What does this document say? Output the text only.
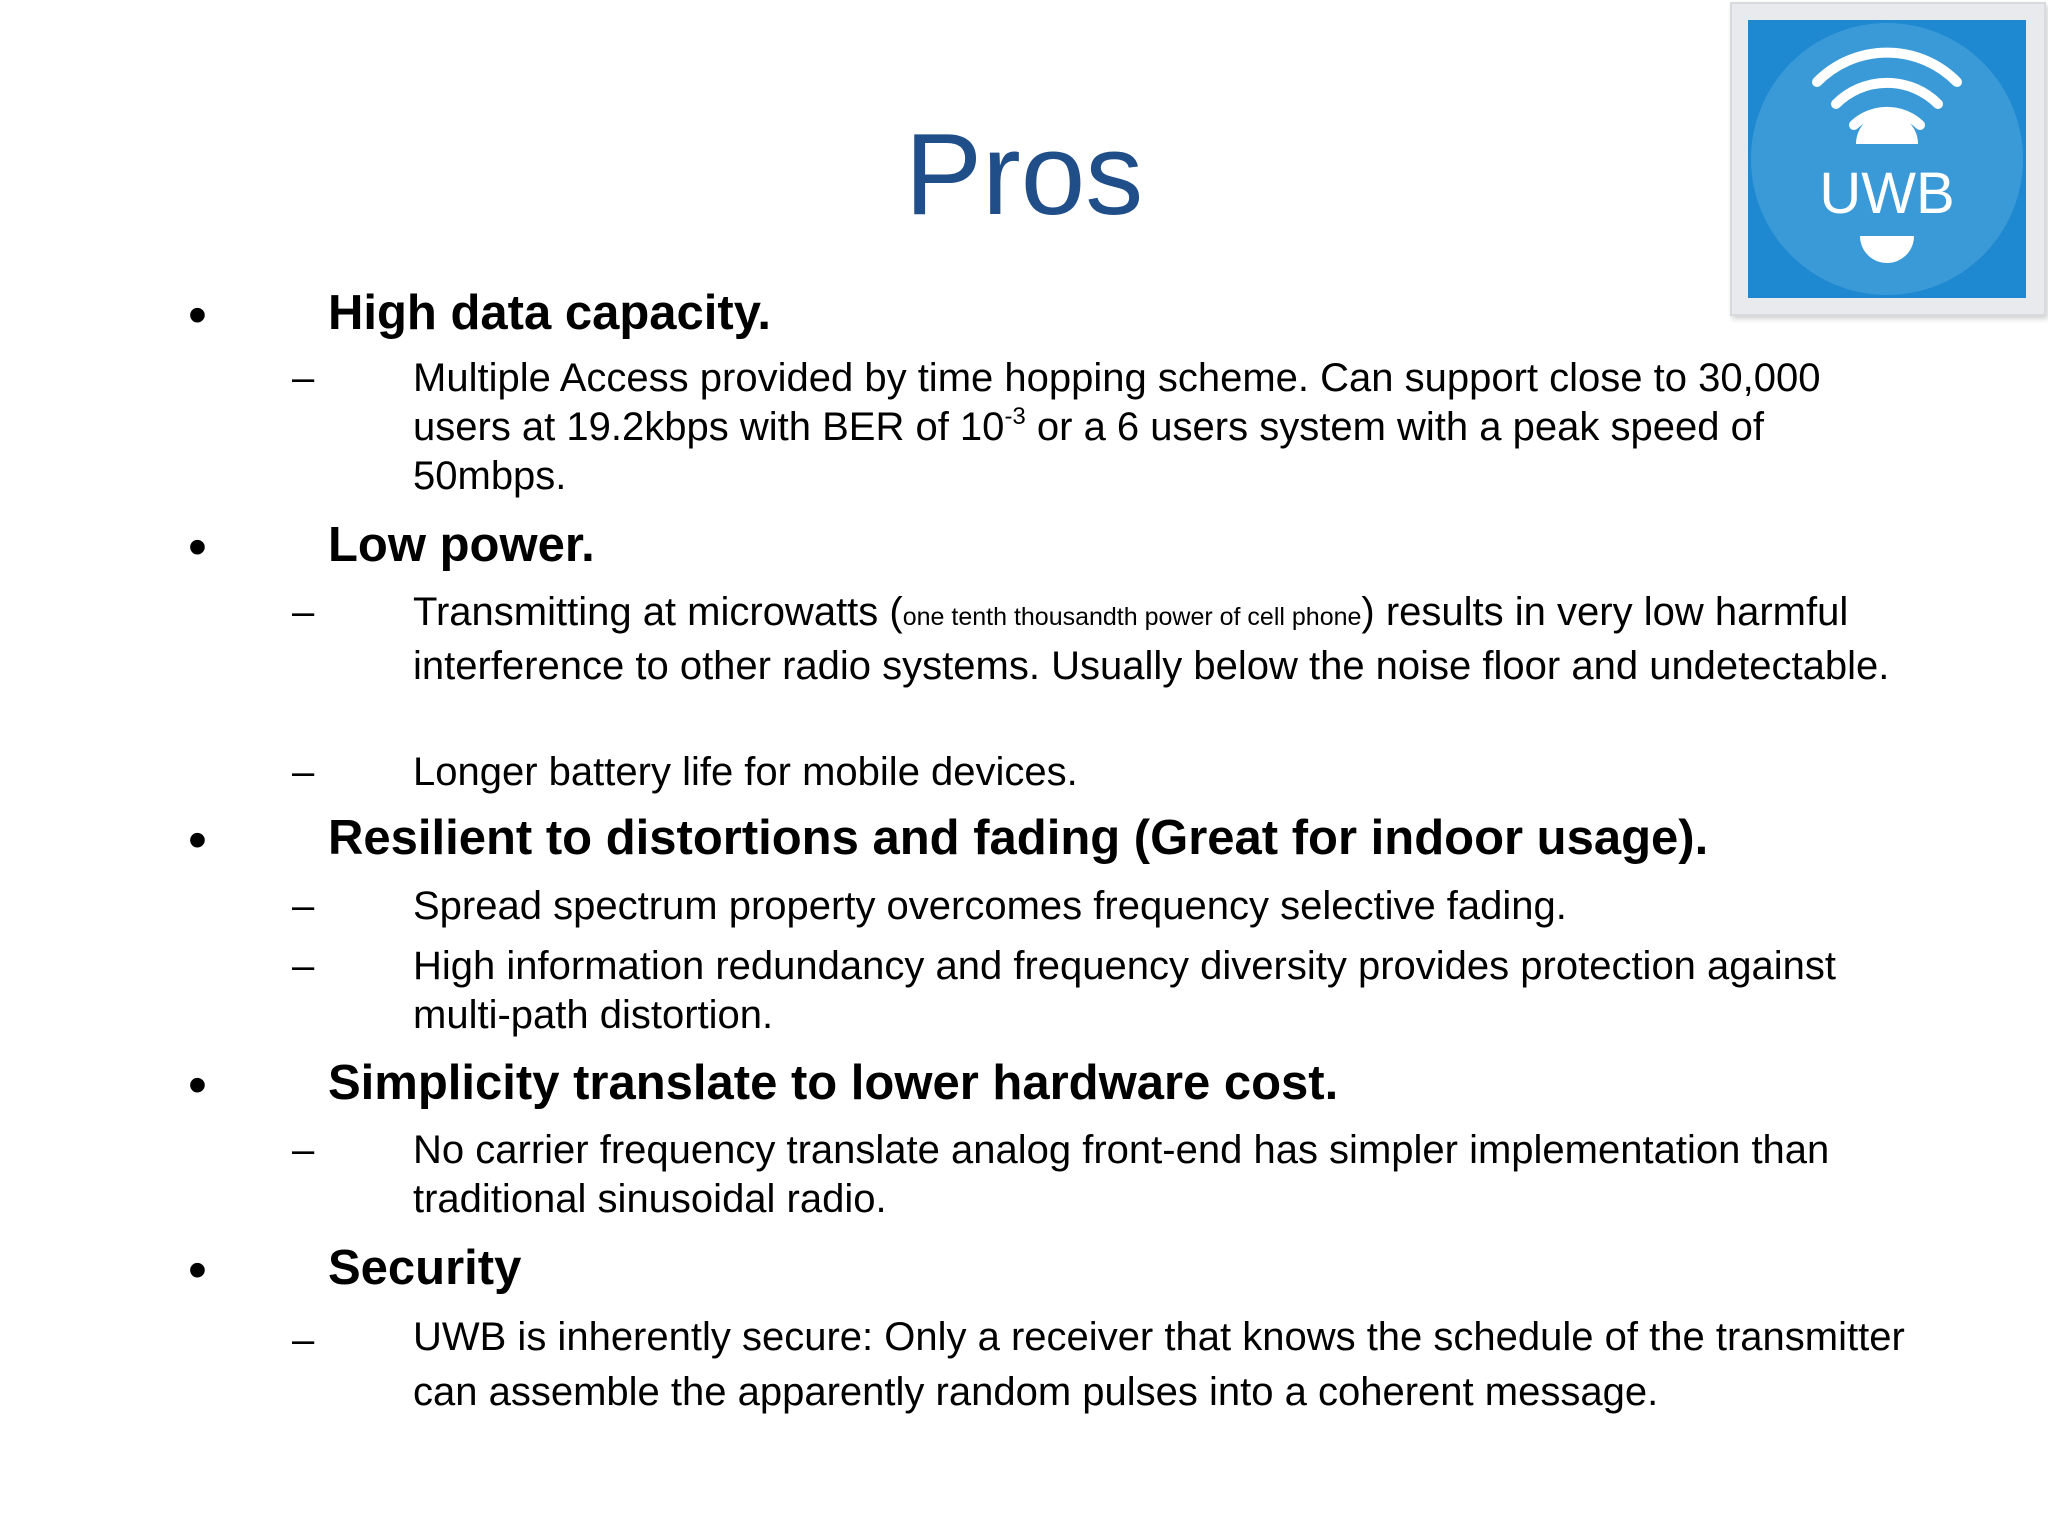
Pros	UWB
• High data capacity.
– Multiple Access provided by time hopping scheme. Can support close to 30,000 users at 19.2kbps with BER of $10^{-3}$ or a 6 users system with a peak speed of 50mbps.
• Low power.
– Transmitting at microwatts (one tenth thousandth power of cell phone) results in very low harmful interference to other radio systems. Usually below the noise floor and undetectable.
– Longer battery life for mobile devices.
• Resilient to distortions and fading (Great for indoor usage).
– Spread spectrum property overcomes frequency selective fading.
– High information redundancy and frequency diversity provides protection against multi-path distortion.
• Simplicity translate to lower hardware cost.
– No carrier frequency translate analog front-end has simpler implementation than traditional sinusoidal radio.
• Security
– UWB is inherently secure: Only a receiver that knows the schedule of the transmitter can assemble the apparently random pulses into a coherent message.
